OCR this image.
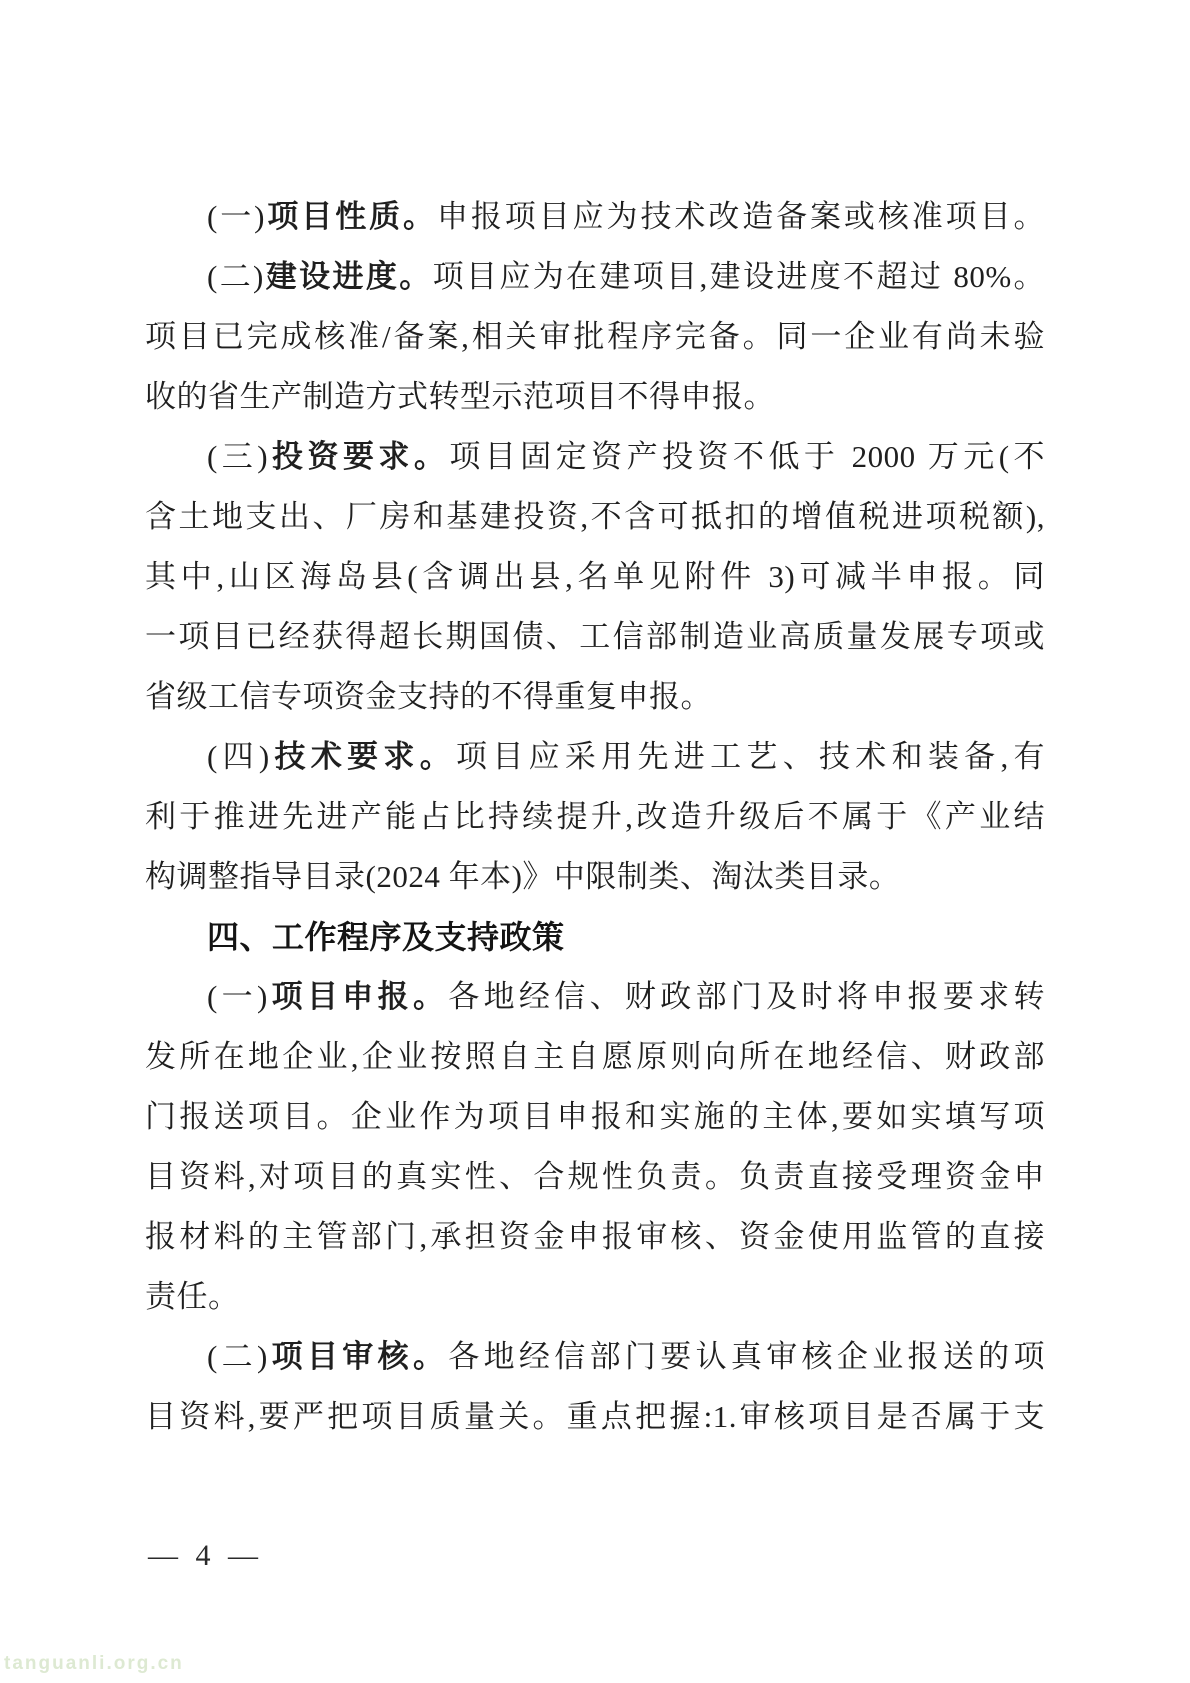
(一)项目性质。申报项目应为技术改造备案或核准项目。
(二)建设进度。项目应为在建项目,建设进度不超过 80%。
项目已完成核准/备案,相关审批程序完备。同一企业有尚未验
收的省生产制造方式转型示范项目不得申报。
(三)投资要求。项目固定资产投资不低于 2000 万元(不
含土地支出、厂房和基建投资,不含可抵扣的增值税进项税额),
其中,山区海岛县(含调出县,名单见附件 3)可减半申报。同
一项目已经获得超长期国债、工信部制造业高质量发展专项或
省级工信专项资金支持的不得重复申报。
(四)技术要求。项目应采用先进工艺、技术和装备,有
利于推进先进产能占比持续提升,改造升级后不属于《产业结
构调整指导目录(2024 年本)》中限制类、淘汰类目录。
四、工作程序及支持政策
(一)项目申报。各地经信、财政部门及时将申报要求转
发所在地企业,企业按照自主自愿原则向所在地经信、财政部
门报送项目。企业作为项目申报和实施的主体,要如实填写项
目资料,对项目的真实性、合规性负责。负责直接受理资金申
报材料的主管部门,承担资金申报审核、资金使用监管的直接
责任。
(二)项目审核。各地经信部门要认真审核企业报送的项
目资料,要严把项目质量关。重点把握:1.审核项目是否属于支
— 4 —
tanguanli.org.cn
